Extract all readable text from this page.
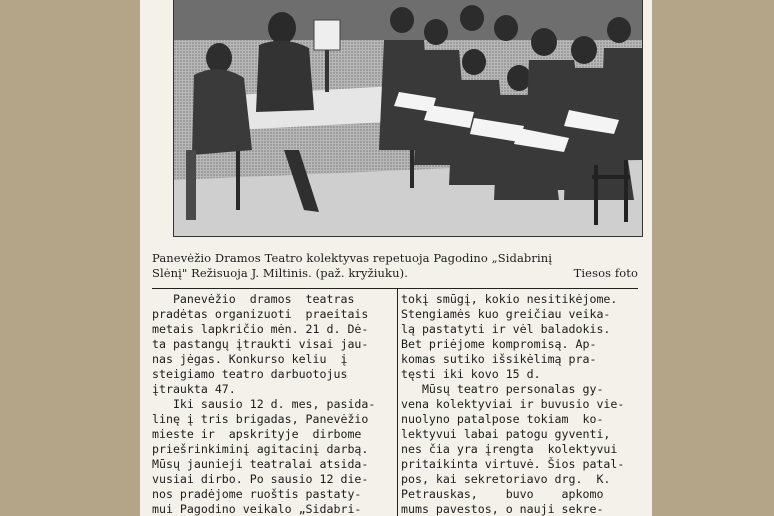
Panevėžio Dramos Teatro kolektyvas repetuoja Pagodino „Sidabrinį
Slėnį" Režisuoja J. Miltinis. (paž. kryžiuku).	Tiesos foto
Panevėžio  dramos  teatras
pradėtas organizuoti  praeitais
metais lapkričio mėn. 21 d. Dė-
ta pastangų įtraukti visai jau-
nas jėgas. Konkurso keliu  į
steigiamo teatro darbuotojus
įtraukta 47.
Iki sausio 12 d. mes, pasida-
linę į tris brigadas, Panevėžio
mieste ir  apskrityje  dirbome
priešrinkiminį agitacinį darbą.
Mūsų jaunieji teatralai atsida-
vusiai dirbo. Po sausio 12 die-
nos pradėjome ruoštis pastaty-
mui Pagodino veikalo „Sidabri-
tokį smūgį, kokio nesitikėjome.
Stengiamės kuo greičiau veika-
lą pastatyti ir vėl baladokis.
Bet priėjome kompromisą. Ap-
komas sutiko išsikėlimą pra-
tęsti iki kovo 15 d.
Mūsų teatro personalas gy-
vena kolektyviai ir buvusio vie-
nuolyno patalpose tokiam  ko-
lektyvui labai patogu gyventi,
nes čia yra įrengta  kolektyvui
pritaikinta virtuvė. Šios patal-
pos, kai sekretoriavo drg.  K.
Petrauskas,    buvo    apkomo
mums pavestos, o nauji sekre-
